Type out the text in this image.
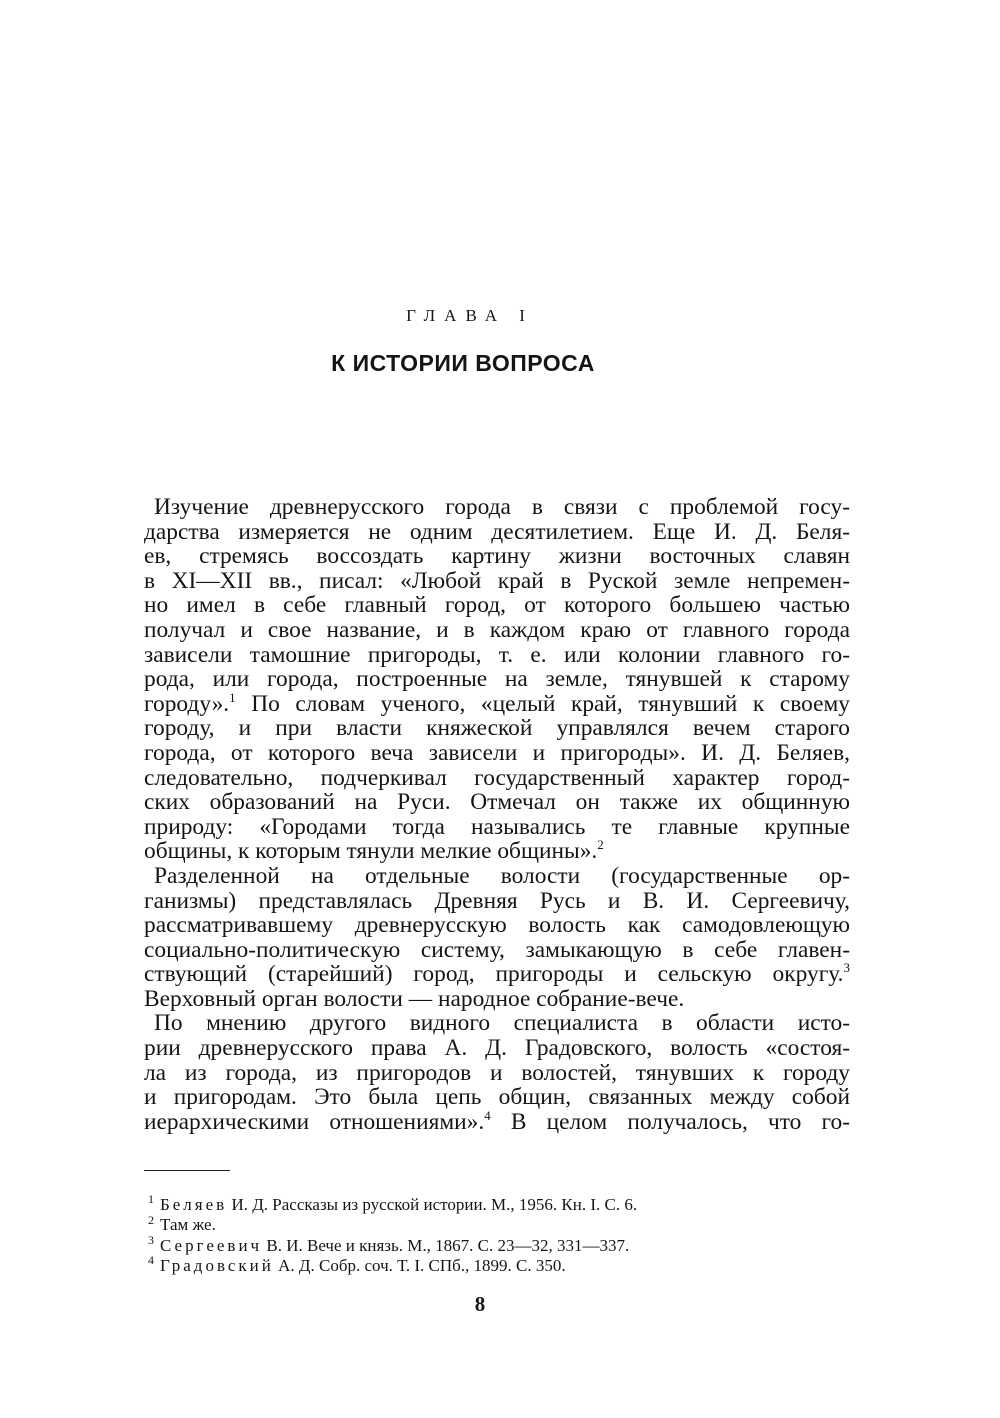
ГЛАВА I
К ИСТОРИИ ВОПРОСА

Изучение древнерусского города в связи с проблемой госу-
дарства измеряется не одним десятилетием. Еще И. Д. Беля-
ев, стремясь воссоздать картину жизни восточных славян
в XI—XII вв., писал: «Любой край в Руской земле непремен-
но имел в себе главный город, от которого большею частью
получал и свое название, и в каждом краю от главного города
зависели тамошние пригороды, т. е. или колонии главного го-
рода, или города, построенные на земле, тянувшей к старому
городу».$^1$ По словам ученого, «целый край, тянувший к своему
городу, и при власти княжеской управлялся вечем старого
города, от которого веча зависели и пригороды». И. Д. Беляев,
следовательно, подчеркивал государственный характер город-
ских образований на Руси. Отмечал он также их общинную
природу: «Городами тогда назывались те главные крупные
общины, к которым тянули мелкие общины».$^2$

Разделенной на отдельные волости (государственные ор-
ганизмы) представлялась Древняя Русь и В. И. Сергеевичу,
рассматривавшему древнерусскую волость как самодовлеющую
социально-политическую систему, замыкающую в себе главен-
ствующий (старейший) город, пригороды и сельскую округу.$^3$
Верховный орган волости — народное собрание-вече.

По мнению другого видного специалиста в области исто-
рии древнерусского права А. Д. Градовского, волость «состоя-
ла из города, из пригородов и волостей, тянувших к городу
и пригородам. Это была цепь общин, связанных между собой
иерархическими отношениями».$^4$ В целом получалось, что го-

$^1$ Беляев И. Д. Рассказы из русской истории. М., 1956. Кн. I. С. 6.
$^2$ Там же.
$^3$ Сергеевич В. И. Вече и князь. М., 1867. С. 23—32, 331—337.
$^4$ Градовский А. Д. Собр. соч. Т. I. СПб., 1899. С. 350.
8
